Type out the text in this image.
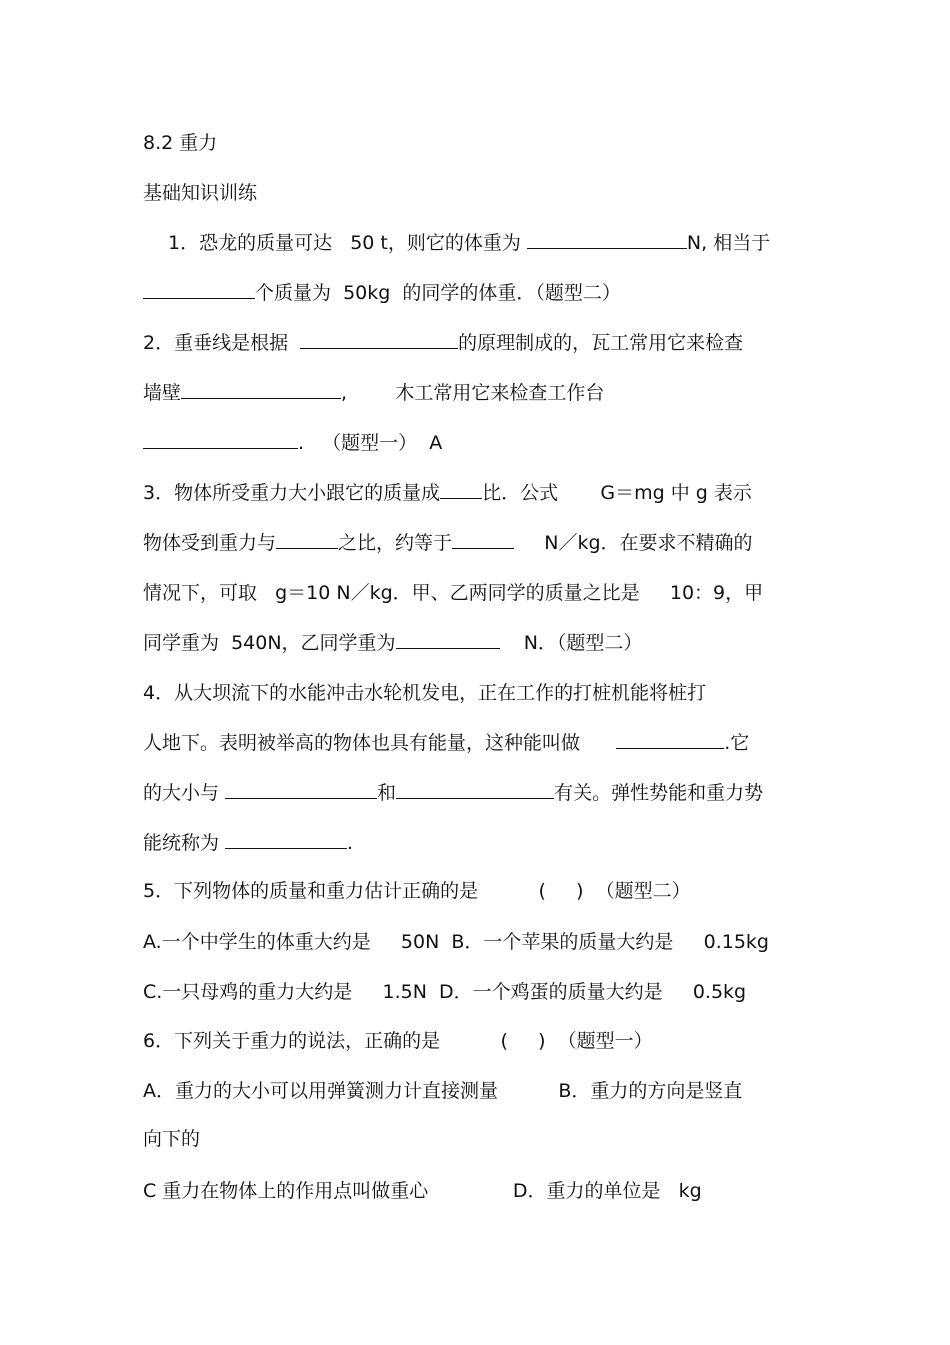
8.2 重力
基础知识训练
1．恐龙的质量可达   50 t，则它的体重为	N, 相当于
个质量为  50kg  的同学的体重．（题型二）
2．重垂线是根据	的原理制成的，瓦工常用它来检查
墙壁	,        木工常用它来检查工作台
.   （题型一）  A
3．物体所受重力大小跟它的质量成 比．公式       G＝mg 中 g 表示
物体受到重力与	之比，约等于	N／kg．在要求不精确的
情况下，可取   g＝10 N／kg．甲、乙两同学的质量之比是     10：9，甲
同学重为  540N，乙同学重为	N．（题型二）
4．从大坝流下的水能冲击水轮机发电，正在工作的打桩机能将桩打
人地下。表明被举高的物体也具有能量，这种能叫做	.它
的大小与	和	有关。弹性势能和重力势
能统称为	.
5．下列物体的质量和重力估计正确的是          (     )  （题型二）
A.一个中学生的体重大约是     50N  B．一个苹果的质量大约是     0.15kg
C.一只母鸡的重力大约是     1.5N  D．一个鸡蛋的质量大约是     0.5kg
6．下列关于重力的说法，正确的是          (     )  （题型一）
A．重力的大小可以用弹簧测力计直接测量          B．重力的方向是竖直
向下的
C 重力在物体上的作用点叫做重心              D．重力的单位是   kg
